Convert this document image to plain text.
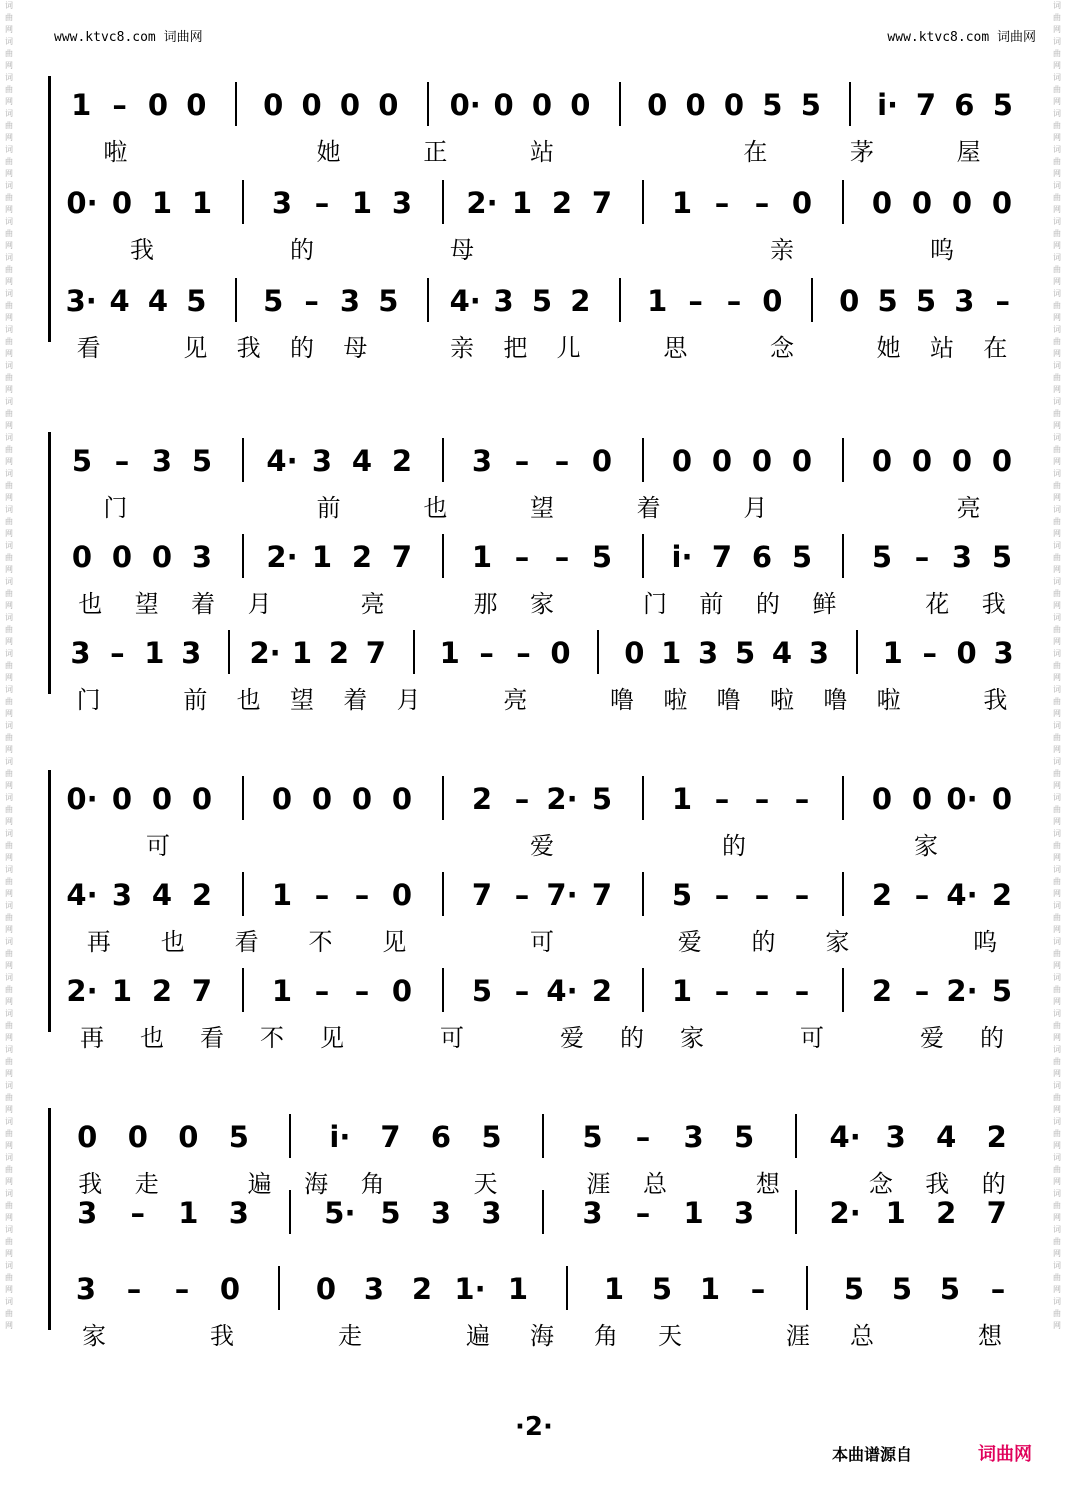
www.ktvc8.com 词曲网	www.ktvc8.com 词曲网
词曲网词曲网词曲网词曲网词曲网词曲网词曲网词曲网词曲网词曲网词曲网词曲网词曲网词曲网词曲网词曲网词曲网词曲网词曲网词曲网词曲网词曲网词曲网词曲网词曲网词曲网词曲网词曲网词曲网词曲网词曲网词曲网词曲网词曲网词曲网词曲网词曲网
词曲网词曲网词曲网词曲网词曲网词曲网词曲网词曲网词曲网词曲网词曲网词曲网词曲网词曲网词曲网词曲网词曲网词曲网词曲网词曲网词曲网词曲网词曲网词曲网词曲网词曲网词曲网词曲网词曲网词曲网词曲网词曲网词曲网词曲网词曲网词曲网词曲网
1 – 0 0 0 0 0 0 0· 0 0 0 0 0 0 5 5 i· 7 6 5
啦	她	正	站	在	茅	屋
0· 0 1 1 3 – 1 3 2· 1 2 7 1 – – 0 0 0 0 0
我	的	母	亲	呜
3· 4 4 5 5 – 3 5 4· 3 5 2 1 – – 0 0 5 5 3 –
看	见 我 的 母	亲 把 儿	思	念	她 站 在
5 – 3 5 4· 3 4 2 3 – – 0 0 0 0 0 0 0 0 0
门	前	也	望	着	月	亮
0 0 0 3 2· 1 2 7 1 – – 5 i· 7 6 5 5 – 3 5
也 望 着 月	亮	那 家	门 前 的 鲜	花 我
3 – 1 3 2· 1 2 7 1 – – 0 0 1 3 5 4 3 1 – 0 3
门	前 也 望 着 月	亮	噜 啦 噜 啦 噜 啦	我
0· 0 0 0 0 0 0 0 2 – 2· 5 1 – – – 0 0 0· 0
可	爱	的	家
4· 3 4 2 1 – – 0 7 – 7· 7 5 – – – 2 – 4· 2
再 也 看 不 见	可	爱 的 家	呜
2· 1 2 7 1 – – 0 5 – 4· 2 1 – – – 2 – 2· 5
再 也 看 不 见	可	爱 的 家	可	爱 的
0 0 0 5	i· 7 6 5	5 – 3 5	4· 3 4 2
我 走	遍 海 角	天	涯 总	想	念 我 的
3 – 1 3	5· 5 3 3	3 – 1 3	2· 1 2 7
3 – – 0	0 3 2 1· 1	1 5 1 –	5 5 5 –
家	我	走	遍 海 角 天	涯 总	想
·2·
本曲谱源自	词曲网
